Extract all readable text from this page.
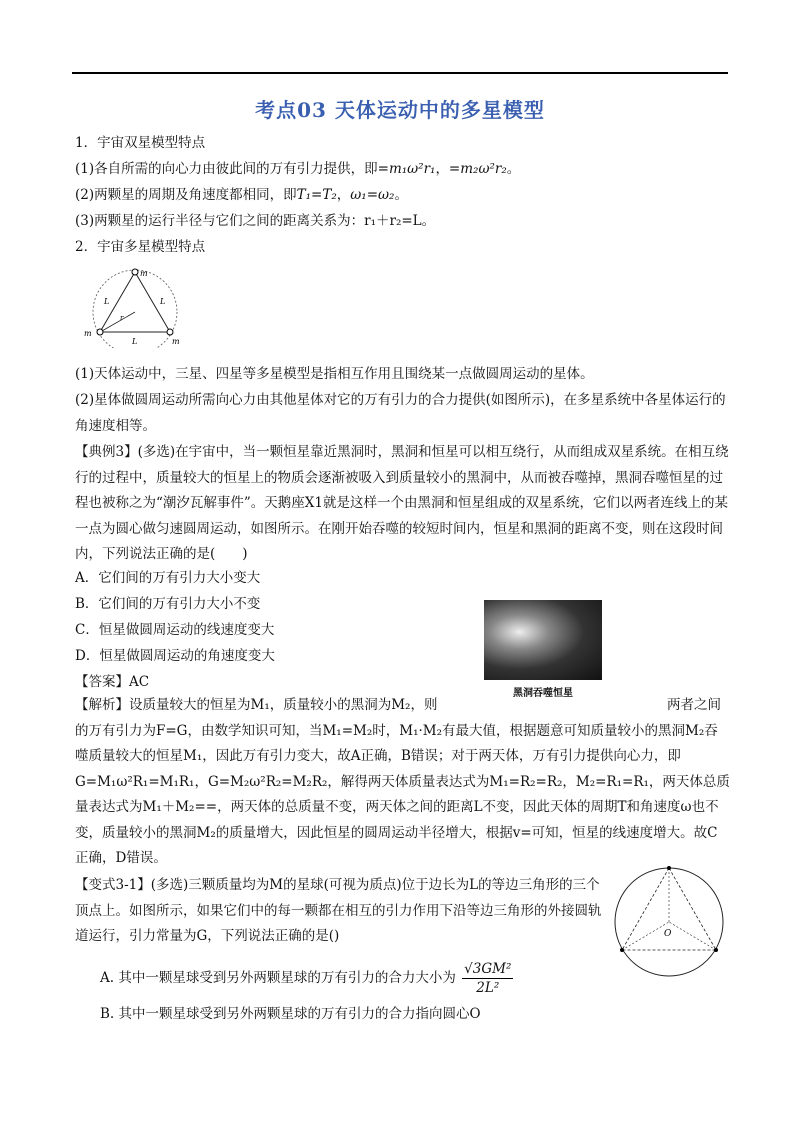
考点03 天体运动中的多星模型
1．宇宙双星模型特点
(1)各自所需的向心力由彼此间的万有引力提供，即=m₁ω²r₁，=m₂ω²r₂。
(2)两颗星的周期及角速度都相同，即T₁=T₂，ω₁=ω₂。
(3)两颗星的运行半径与它们之间的距离关系为：r₁＋r₂=L。
2．宇宙多星模型特点
m
m
m
L	L
L
r
(1)天体运动中，三星、四星等多星模型是指相互作用且围绕某一点做圆周运动的星体。
(2)星体做圆周运动所需向心力由其他星体对它的万有引力的合力提供(如图所示)，在多星系统中各星体运行的角速度相等。
【典例3】(多选)在宇宙中，当一颗恒星靠近黑洞时，黑洞和恒星可以相互绕行，从而组成双星系统。在相互绕行的过程中，质量较大的恒星上的物质会逐渐被吸入到质量较小的黑洞中，从而被吞噬掉，黑洞吞噬恒星的过程也被称之为“潮汐瓦解事件”。天鹅座X1就是这样一个由黑洞和恒星组成的双星系统，它们以两者连线上的某一点为圆心做匀速圆周运动，如图所示。在刚开始吞噬的较短时间内，恒星和黑洞的距离不变，则在这段时间内，下列说法正确的是(　　)
A．它们间的万有引力大小变大
B．它们间的万有引力大小不变
C．恒星做圆周运动的线速度变大
D．恒星做圆周运动的角速度变大
黑洞吞噬恒星
【答案】AC
【解析】设质量较大的恒星为M₁，质量较小的黑洞为M₂，则　　　　　　　　　　　　　　　　　两者之间的万有引力为F=G，由数学知识可知，当M₁=M₂时，M₁·M₂有最大值，根据题意可知质量较小的黑洞M₂吞噬质量较大的恒星M₁，因此万有引力变大，故A正确，B错误；对于两天体，万有引力提供向心力，即G=M₁ω²R₁=M₁R₁，G=M₂ω²R₂=M₂R₂，解得两天体质量表达式为M₁=R₂=R₂，M₂=R₁=R₁，两天体总质量表达式为M₁＋M₂==，两天体的总质量不变，两天体之间的距离L不变，因此天体的周期T和角速度ω也不变，质量较小的黑洞M₂的质量增大，因此恒星的圆周运动半径增大，根据v=可知，恒星的线速度增大。故C正确，D错误。
【变式3-1】(多选)三颗质量均为M的星球(可视为质点)位于边长为L的等边三角形的三个顶点上。如图所示，如果它们中的每一颗都在相互的引力作用下沿等边三角形的外接圆轨道运行，引力常量为G，下列说法正确的是()	O
A. 其中一颗星球受到另外两颗星球的万有引力的合力大小为 $\frac{\text{√3GM²}}{\text{2L²}}$
B. 其中一颗星球受到另外两颗星球的万有引力的合力指向圆心O
